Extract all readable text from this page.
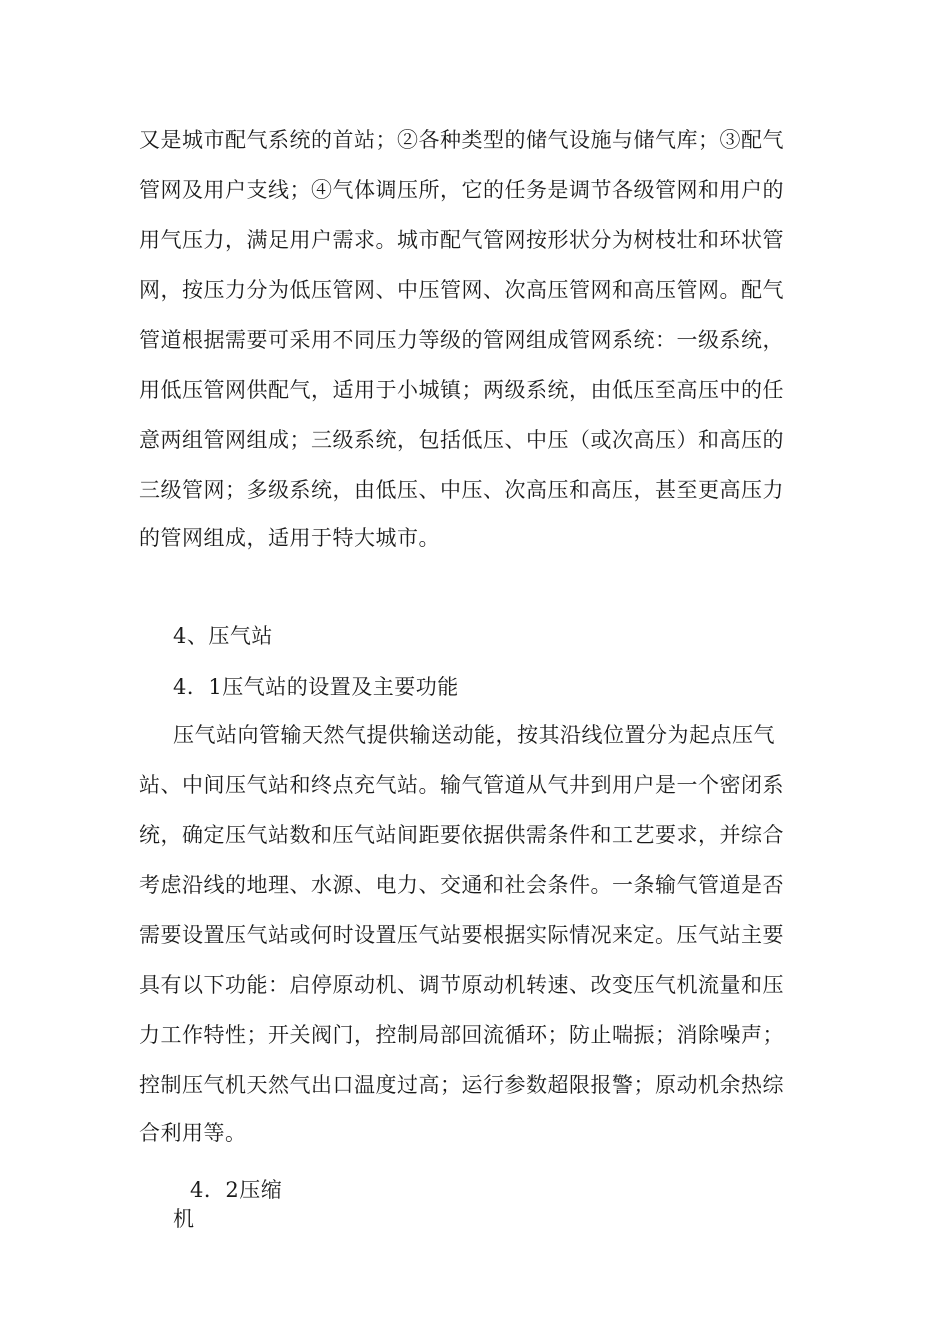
又是城市配气系统的首站；②各种类型的储气设施与储气库；③配气
管网及用户支线；④气体调压所，它的任务是调节各级管网和用户的
用气压力，满足用户需求。城市配气管网按形状分为树枝壮和环状管
网，按压力分为低压管网、中压管网、次高压管网和高压管网。配气
管道根据需要可采用不同压力等级的管网组成管网系统：一级系统，
用低压管网供配气，适用于小城镇；两级系统，由低压至高压中的任
意两组管网组成；三级系统，包括低压、中压（或次高压）和高压的
三级管网；多级系统，由低压、中压、次高压和高压，甚至更高压力
的管网组成，适用于特大城市。
4、压气站
4．1压气站的设置及主要功能
压气站向管输天然气提供输送动能，按其沿线位置分为起点压气
站、中间压气站和终点充气站。输气管道从气井到用户是一个密闭系
统，确定压气站数和压气站间距要依据供需条件和工艺要求，并综合
考虑沿线的地理、水源、电力、交通和社会条件。一条输气管道是否
需要设置压气站或何时设置压气站要根据实际情况来定。压气站主要
具有以下功能：启停原动机、调节原动机转速、改变压气机流量和压
力工作特性；开关阀门，控制局部回流循环；防止喘振；消除噪声；
控制压气机天然气出口温度过高；运行参数超限报警；原动机余热综
合利用等。
4．2压缩
机
